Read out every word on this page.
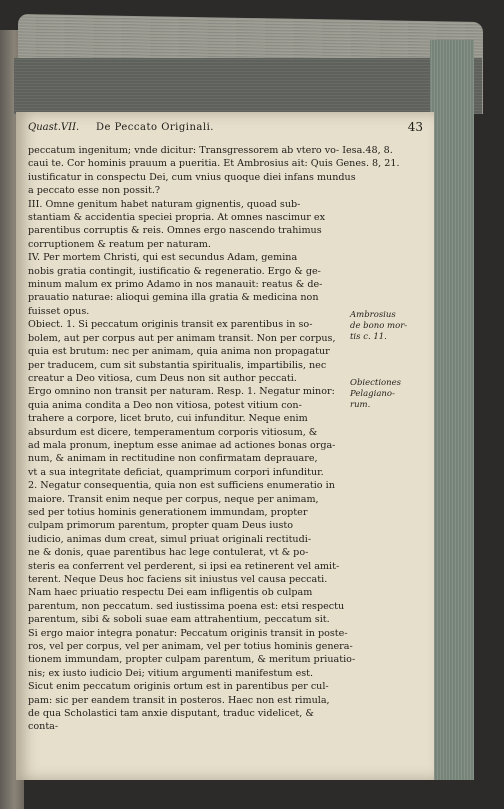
Quast.VII. De Peccato Originali.	43
peccatum ingenitum; vnde dicitur: Transgressorem ab vtero vo- Iesa.48, 8.
caui te. Cor hominis prauum a pueritia. Et Ambrosius ait: Quis Genes. 8, 21.
iustificatur in conspectu Dei, cum vnius quoque diei infans mundus
a peccato esse non possit.?
III. Omne genitum habet naturam gignentis, quoad sub-
stantiam & accidentia speciei propria. At omnes nascimur ex
parentibus corruptis & reis. Omnes ergo nascendo trahimus
corruptionem & reatum per naturam.
IV. Per mortem Christi, qui est secundus Adam, gemina
nobis gratia contingit, iustificatio & regeneratio. Ergo & ge-
minum malum ex primo Adamo in nos manauit: reatus & de-
prauatio naturae: alioqui gemina illa gratia & medicina non
fuisset opus.
Obiect. 1. Si peccatum originis transit ex parentibus in so-
bolem, aut per corpus aut per animam transit. Non per corpus,
quia est brutum: nec per animam, quia anima non propagatur
per traducem, cum sit substantia spiritualis, impartibilis, nec
creatur a Deo vitiosa, cum Deus non sit author peccati.
Ergo omnino non transit per naturam. Resp. 1. Negatur minor:
quia anima condita a Deo non vitiosa, potest vitium con-
trahere a corpore, licet bruto, cui infunditur. Neque enim
absurdum est dicere, temperamentum corporis vitiosum, &
ad mala pronum, ineptum esse animae ad actiones bonas orga-
num, & animam in rectitudine non confirmatam deprauare,
vt a sua integritate deficiat, quamprimum corpori infunditur.
2. Negatur consequentia, quia non est sufficiens enumeratio in
maiore. Transit enim neque per corpus, neque per animam,
sed per totius hominis generationem immundam, propter
culpam primorum parentum, propter quam Deus iusto
iudicio, animas dum creat, simul priuat originali rectitudi-
ne & donis, quae parentibus hac lege contulerat, vt & po-
steris ea conferrent vel perderent, si ipsi ea retinerent vel amit-
terent. Neque Deus hoc faciens sit iniustus vel causa peccati.
Nam haec priuatio respectu Dei eam infligentis ob culpam
parentum, non peccatum. sed iustissima poena est: etsi respectu
parentum, sibi & soboli suae eam attrahentium, peccatum sit.
Si ergo maior integra ponatur: Peccatum originis transit in poste-
ros, vel per corpus, vel per animam, vel per totius hominis genera-
tionem immundam, propter culpam parentum, & meritum priuatio-
nis; ex iusto iudicio Dei; vitium argumenti manifestum est.
Sicut enim peccatum originis ortum est in parentibus per cul-
pam: sic per eandem transit in posteros. Haec non est rimula,
de qua Scholastici tam anxie disputant, traduc videlicet, &
conta-
Ambrosius
de bono mor-
tis c. 11.
Obiectiones
Pelagiano-
rum.
